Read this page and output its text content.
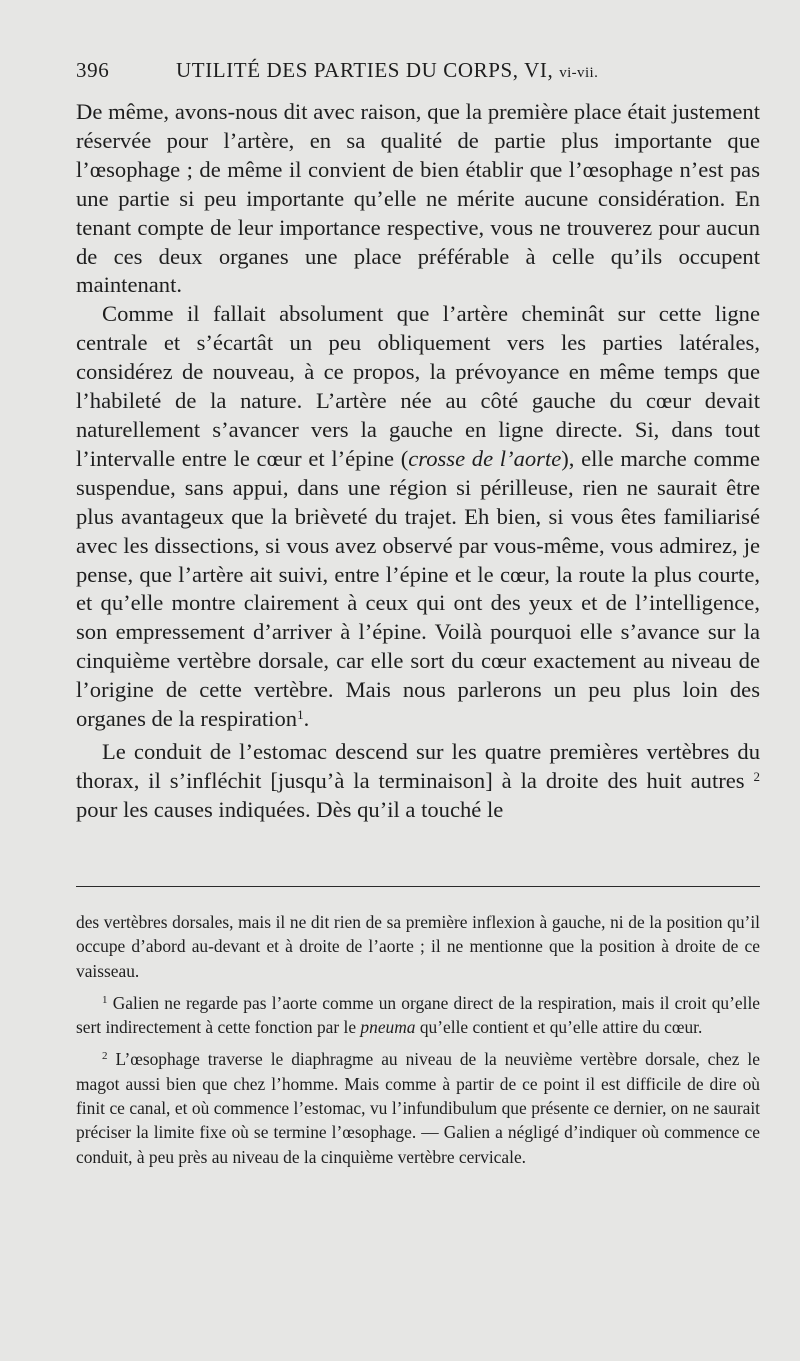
396	UTILITÉ DES PARTIES DU CORPS, VI, vi-vii.

De même, avons-nous dit avec raison, que la première place était justement réservée pour l’artère, en sa qualité de partie plus importante que l’œsophage ; de même il convient de bien établir que l’œsophage n’est pas une partie si peu importante qu’elle ne mérite aucune considération. En tenant compte de leur importance respective, vous ne trouverez pour aucun de ces deux organes une place préférable à celle qu’ils occupent maintenant.

Comme il fallait absolument que l’artère cheminât sur cette ligne centrale et s’écartât un peu obliquement vers les parties latérales, considérez de nouveau, à ce propos, la prévoyance en même temps que l’habileté de la nature. L’artère née au côté gauche du cœur devait naturellement s’avancer vers la gauche en ligne directe. Si, dans tout l’intervalle entre le cœur et l’épine (crosse de l’aorte), elle marche comme suspendue, sans appui, dans une région si périlleuse, rien ne saurait être plus avantageux que la brièveté du trajet. Eh bien, si vous êtes familiarisé avec les dissections, si vous avez observé par vous-même, vous admirez, je pense, que l’artère ait suivi, entre l’épine et le cœur, la route la plus courte, et qu’elle montre clairement à ceux qui ont des yeux et de l’intelligence, son empressement d’arriver à l’épine. Voilà pourquoi elle s’avance sur la cinquième vertèbre dorsale, car elle sort du cœur exactement au niveau de l’origine de cette vertèbre. Mais nous parlerons un peu plus loin des organes de la respiration$^1$.

Le conduit de l’estomac descend sur les quatre premières vertèbres du thorax, il s’infléchit [jusqu’à la terminaison] à la droite des huit autres $^2$ pour les causes indiquées. Dès qu’il a touché le

des vertèbres dorsales, mais il ne dit rien de sa première inflexion à gauche, ni de la position qu’il occupe d’abord au-devant et à droite de l’aorte ; il ne mentionne que la position à droite de ce vaisseau.

$^1$ Galien ne regarde pas l’aorte comme un organe direct de la respiration, mais il croit qu’elle sert indirectement à cette fonction par le pneuma qu’elle contient et qu’elle attire du cœur.

$^2$ L’œsophage traverse le diaphragme au niveau de la neuvième vertèbre dorsale, chez le magot aussi bien que chez l’homme. Mais comme à partir de ce point il est difficile de dire où finit ce canal, et où commence l’estomac, vu l’infundibulum que présente ce dernier, on ne saurait préciser la limite fixe où se termine l’œsophage. — Galien a négligé d’indiquer où commence ce conduit, à peu près au niveau de la cinquième vertèbre cervicale.
